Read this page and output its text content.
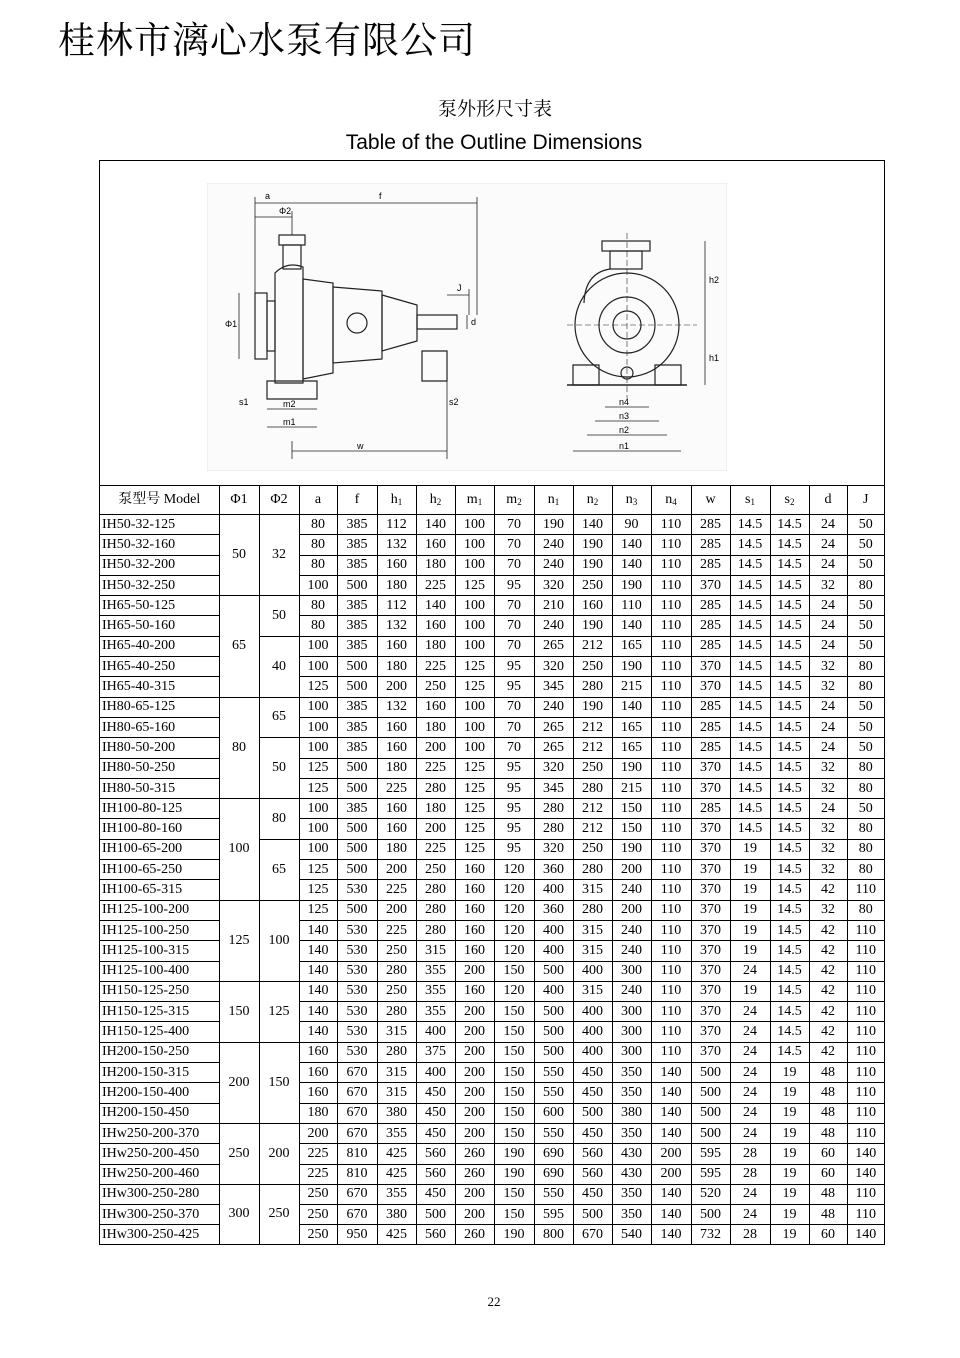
桂林市漓心水泵有限公司
泵外形尺寸表
Table of the Outline Dimensions
a	f
Φ2
Φ1
J
d
s1	s2
m2
m1
w
h1
h2
n4
n3
n2
n1
泵型号 Model	Φ1	Φ2	a	f	$h_1$	$h_2$	$m_1$	$m_2$	$n_1$	$n_2$	$n_3$	$n_4$	w	$s_1$	$s_2$	d	J
IH50-32-125	50	32	80	385	112	140	100	70	190	140	90	110	285	14.5	14.5	24	50
IH50-32-160			80	385	132	160	100	70	240	190	140	110	285	14.5	14.5	24	50
IH50-32-200			80	385	160	180	100	70	240	190	140	110	285	14.5	14.5	24	50
IH50-32-250			100	500	180	225	125	95	320	250	190	110	370	14.5	14.5	32	80
IH65-50-125	65	50	80	385	112	140	100	70	210	160	110	110	285	14.5	14.5	24	50
IH65-50-160			80	385	132	160	100	70	240	190	140	110	285	14.5	14.5	24	50
IH65-40-200		40	100	385	160	180	100	70	265	212	165	110	285	14.5	14.5	24	50
IH65-40-250			100	500	180	225	125	95	320	250	190	110	370	14.5	14.5	32	80
IH65-40-315			125	500	200	250	125	95	345	280	215	110	370	14.5	14.5	32	80
IH80-65-125	80	65	100	385	132	160	100	70	240	190	140	110	285	14.5	14.5	24	50
IH80-65-160			100	385	160	180	100	70	265	212	165	110	285	14.5	14.5	24	50
IH80-50-200		50	100	385	160	200	100	70	265	212	165	110	285	14.5	14.5	24	50
IH80-50-250			125	500	180	225	125	95	320	250	190	110	370	14.5	14.5	32	80
IH80-50-315			125	500	225	280	125	95	345	280	215	110	370	14.5	14.5	32	80
IH100-80-125	100	80	100	385	160	180	125	95	280	212	150	110	285	14.5	14.5	24	50
IH100-80-160			100	500	160	200	125	95	280	212	150	110	370	14.5	14.5	32	80
IH100-65-200		65	100	500	180	225	125	95	320	250	190	110	370	19	14.5	32	80
IH100-65-250			125	500	200	250	160	120	360	280	200	110	370	19	14.5	32	80
IH100-65-315			125	530	225	280	160	120	400	315	240	110	370	19	14.5	42	110
IH125-100-200	125	100	125	500	200	280	160	120	360	280	200	110	370	19	14.5	32	80
IH125-100-250			140	530	225	280	160	120	400	315	240	110	370	19	14.5	42	110
IH125-100-315			140	530	250	315	160	120	400	315	240	110	370	19	14.5	42	110
IH125-100-400			140	530	280	355	200	150	500	400	300	110	370	24	14.5	42	110
IH150-125-250	150	125	140	530	250	355	160	120	400	315	240	110	370	19	14.5	42	110
IH150-125-315			140	530	280	355	200	150	500	400	300	110	370	24	14.5	42	110
IH150-125-400			140	530	315	400	200	150	500	400	300	110	370	24	14.5	42	110
IH200-150-250	200	150	160	530	280	375	200	150	500	400	300	110	370	24	14.5	42	110
IH200-150-315			160	670	315	400	200	150	550	450	350	140	500	24	19	48	110
IH200-150-400			160	670	315	450	200	150	550	450	350	140	500	24	19	48	110
IH200-150-450			180	670	380	450	200	150	600	500	380	140	500	24	19	48	110
IHw250-200-370	250	200	200	670	355	450	200	150	550	450	350	140	500	24	19	48	110
IHw250-200-450			225	810	425	560	260	190	690	560	430	200	595	28	19	60	140
IHw250-200-460			225	810	425	560	260	190	690	560	430	200	595	28	19	60	140
IHw300-250-280	300	250	250	670	355	450	200	150	550	450	350	140	520	24	19	48	110
IHw300-250-370			250	670	380	500	200	150	595	500	350	140	500	24	19	48	110
IHw300-250-425			250	950	425	560	260	190	800	670	540	140	732	28	19	60	140
22
